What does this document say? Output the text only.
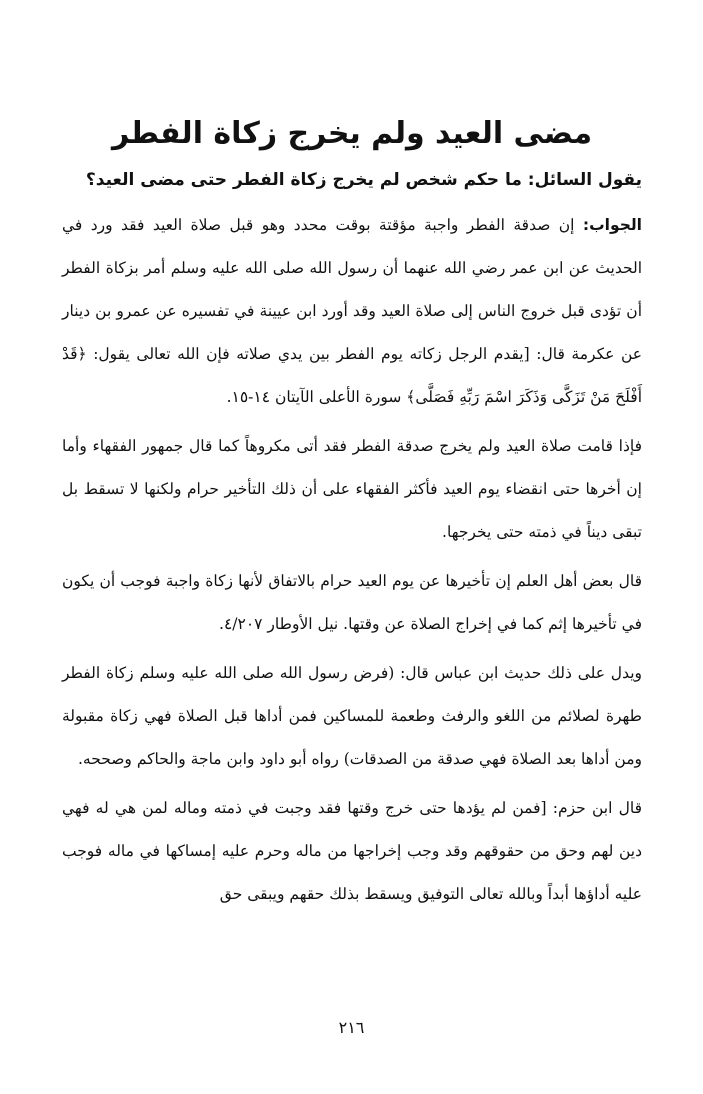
مضى العيد ولم يخرج زكاة الفطر

يقول السائل: ما حكم شخص لم يخرج زكاة الفطر حتى مضى العيد؟

الجواب: إن صدقة الفطر واجبة مؤقتة بوقت محدد وهو قبل صلاة العيد فقد ورد في الحديث عن ابن عمر رضي الله عنهما أن رسول الله صلى الله عليه وسلم أمر بزكاة الفطر أن تؤدى قبل خروج الناس إلى صلاة العيد وقد أورد ابن عيينة في تفسيره عن عمرو بن دينار عن عكرمة قال: [يقدم الرجل زكاته يوم الفطر بين يدي صلاته فإن الله تعالى يقول: ﴿قَدْ أَفْلَحَ مَنْ تَزَكَّى وَذَكَرَ اسْمَ رَبِّهِ فَصَلَّى﴾ سورة الأعلى الآيتان ١٤-١٥.

فإذا قامت صلاة العيد ولم يخرج صدقة الفطر فقد أتى مكروهاً كما قال جمهور الفقهاء وأما إن أخرها حتى انقضاء يوم العيد فأكثر الفقهاء على أن ذلك التأخير حرام ولكنها لا تسقط بل تبقى ديناً في ذمته حتى يخرجها.

قال بعض أهل العلم إن تأخيرها عن يوم العيد حرام بالاتفاق لأنها زكاة واجبة فوجب أن يكون في تأخيرها إثم كما في إخراج الصلاة عن وقتها. نيل الأوطار ٤/٢٠٧.

ويدل على ذلك حديث ابن عباس قال: (فرض رسول الله صلى الله عليه وسلم زكاة الفطر طهرة لصلائم من اللغو والرفث وطعمة للمساكين فمن أداها قبل الصلاة فهي زكاة مقبولة ومن أداها بعد الصلاة فهي صدقة من الصدقات) رواه أبو داود وابن ماجة والحاكم وصححه.

قال ابن حزم: [فمن لم يؤدها حتى خرج وقتها فقد وجبت في ذمته وماله لمن هي له فهي دين لهم وحق من حقوقهم وقد وجب إخراجها من ماله وحرم عليه إمساكها في ماله فوجب عليه أداؤها أبداً وبالله تعالى التوفيق ويسقط بذلك حقهم ويبقى حق

٢١٦
